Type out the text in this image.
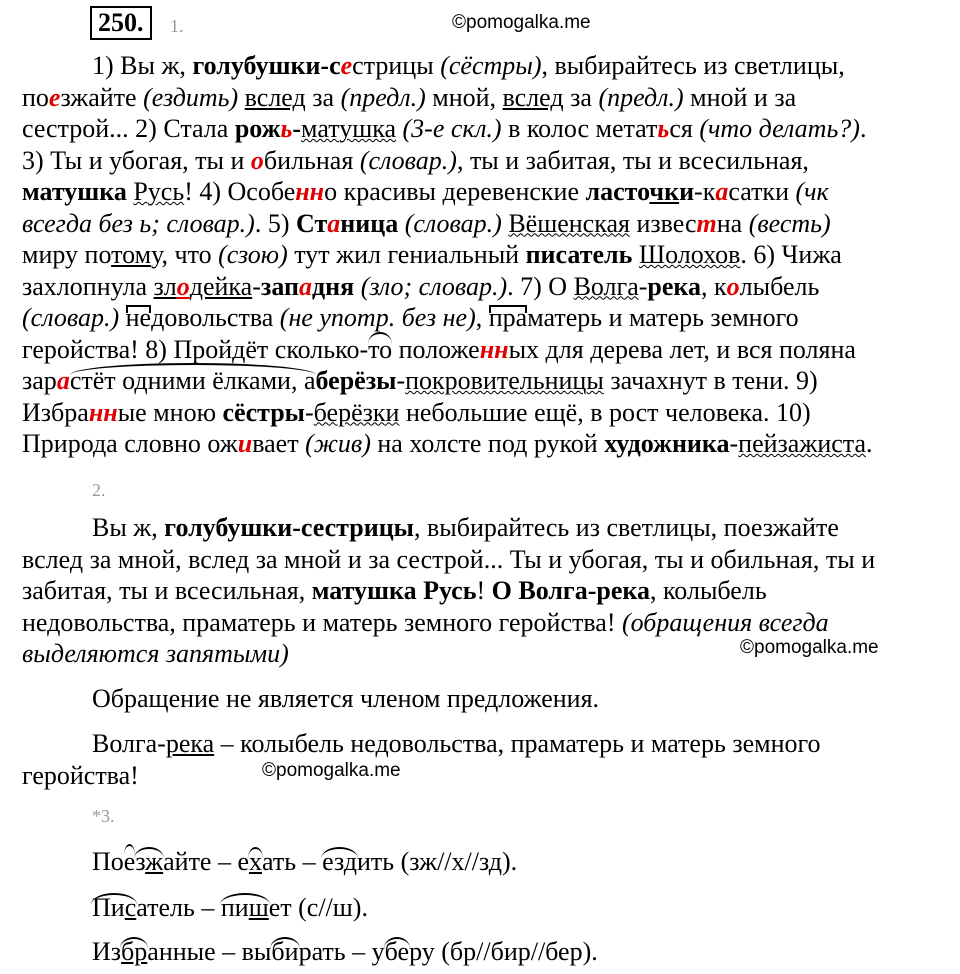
250.	1.	©pomogalka.me
1) Вы ж, голубушки-сестрицы (сёстры), выбирайтесь из светлицы,
поезжайте (ездить) вслед за (предл.) мной, вслед за (предл.) мной и за
сестрой... 2) Стала рожь-матушка (3-е скл.) в колос метаться (что делать?).
3) Ты и убогая, ты и обильная (словар.), ты и забитая, ты и всесильная,
матушка Русь! 4) Особенно красивы деревенские ласточки-касатки (чк
всегда без ь; словар.). 5) Станица (словар.) Вёшенская известна (весть)
миру потому, что (сзою) тут жил гениальный писатель Шолохов. 6) Чижа
захлопнула злодейка-западня (зло; словар.). 7) О Волга-река, колыбель
(словар.) недовольства (не употр. без не), праматерь и матерь земного
геройства! 8) Пройдёт сколько-то положенных для дерева лет, и вся поляна
зарастёт одними ёлками, аберёзы-покровительницы зачахнут в тени. 9)
Избранные мною сёстры-берёзки небольшие ещё, в рост человека. 10)
Природа словно оживает (жив) на холсте под рукой художника-пейзажиста.
2.
Вы ж, голубушки-сестрицы, выбирайтесь из светлицы, поезжайте
вслед за мной, вслед за мной и за сестрой... Ты и убогая, ты и обильная, ты и
забитая, ты и всесильная, матушка Русь! О Волга-река, колыбель
недовольства, праматерь и матерь земного геройства! (обращения всегда
выделяются запятыми)	©pomogalka.me
Обращение не является членом предложения.
Волга-река – колыбель недовольства, праматерь и матерь земного
геройства!	©pomogalka.me
*3.
Поезжайте – ехать – ездить (зж//х//зд).
Писатель – пишет (с//ш).
Избранные – выбирать – уберу (бр//бир//бер).
